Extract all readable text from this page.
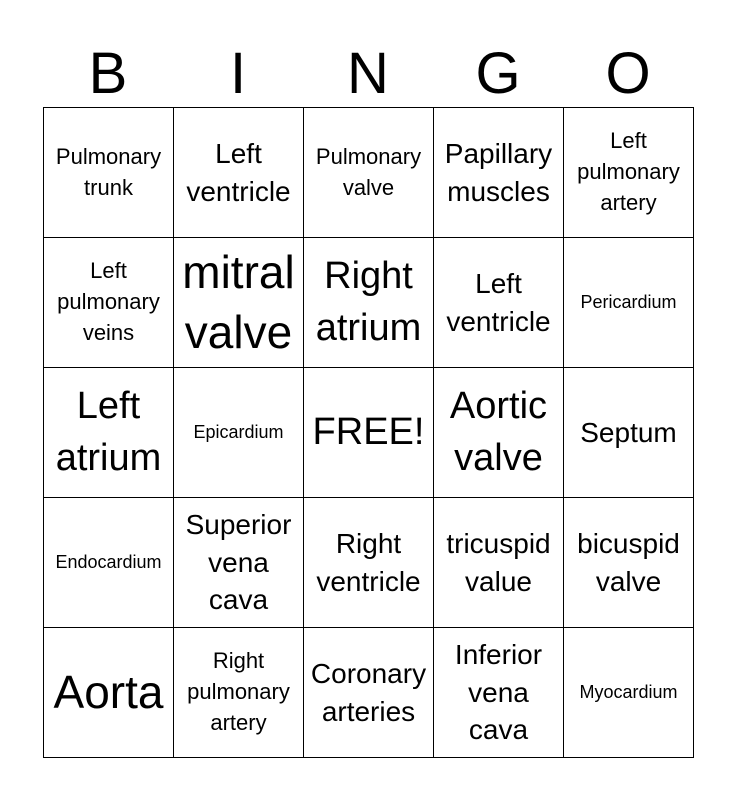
B	I	N	G	O
Pulmonary trunk	Left ventricle	Pulmonary valve	Papillary muscles	Left pulmonary artery

Left pulmonary veins	mitral valve	Right atrium	Left ventricle	Pericardium

Left atrium	Epicardium	FREE!	Aortic valve	Septum

Endocardium	Superior vena cava	Right ventricle	tricuspid value	bicuspid valve

Aorta	Right pulmonary artery	Coronary arteries	Inferior vena cava	Myocardium
